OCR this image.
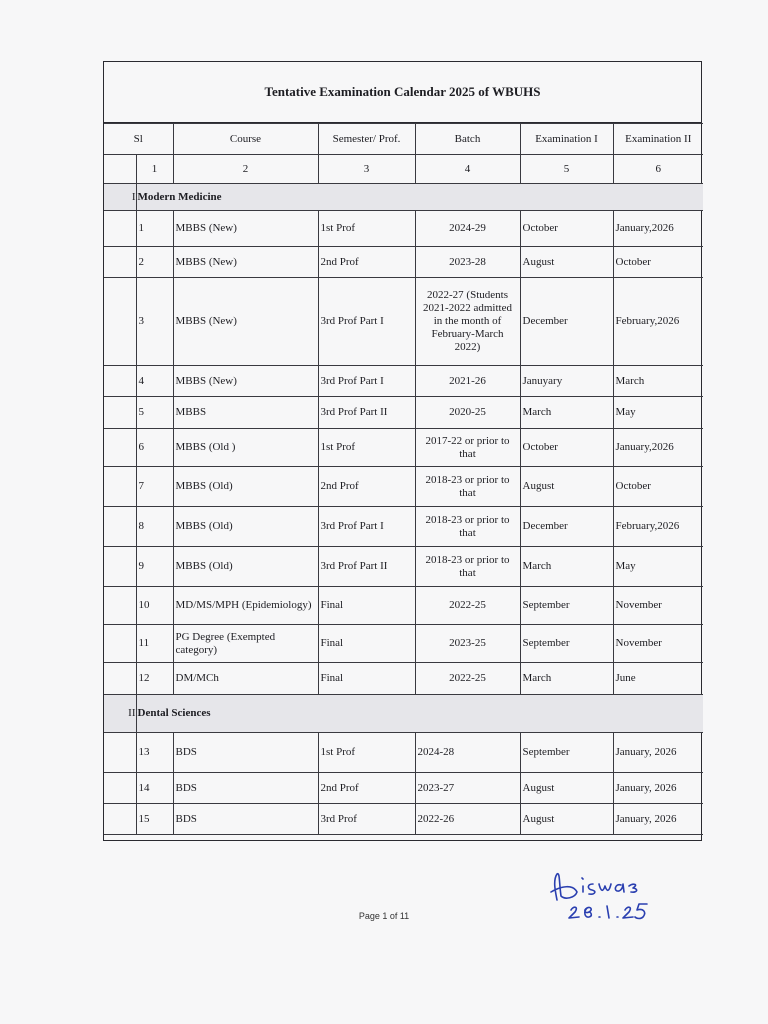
Tentative Examination Calendar 2025 of WBUHS
Sl		Course	Semester/ Prof.	Batch	Examination I	Examination II
	1	2	3	4	5	6
I	Modern Medicine					
	1	MBBS (New)	1st Prof	2024-29	October	January,2026
	2	MBBS (New)	2nd Prof	2023-28	August	October
	3	MBBS (New)	3rd Prof Part I	2022-27 (Students 2021-2022 admitted in the month of February-March 2022)	December	February,2026
	4	MBBS (New)	3rd Prof Part I	2021-26	Januyary	March
	5	MBBS	3rd Prof Part II	2020-25	March	May
	6	MBBS (Old )	1st Prof	2017-22 or prior to that	October	January,2026
	7	MBBS (Old)	2nd Prof	2018-23 or prior to that	August	October
	8	MBBS (Old)	3rd Prof Part I	2018-23 or prior to that	December	February,2026
	9	MBBS (Old)	3rd Prof Part II	2018-23 or prior to that	March	May
	10	MD/MS/MPH (Epidemiology)	Final	2022-25	September	November
	11	PG Degree (Exempted category)	Final	2023-25	September	November
	12	DM/MCh	Final	2022-25	March	June
II	Dental Sciences					
	13	BDS	1st Prof	2024-28	September	January, 2026
	14	BDS	2nd Prof	2023-27	August	January, 2026
	15	BDS	3rd Prof	2022-26	August	January, 2026
Page 1 of 11
